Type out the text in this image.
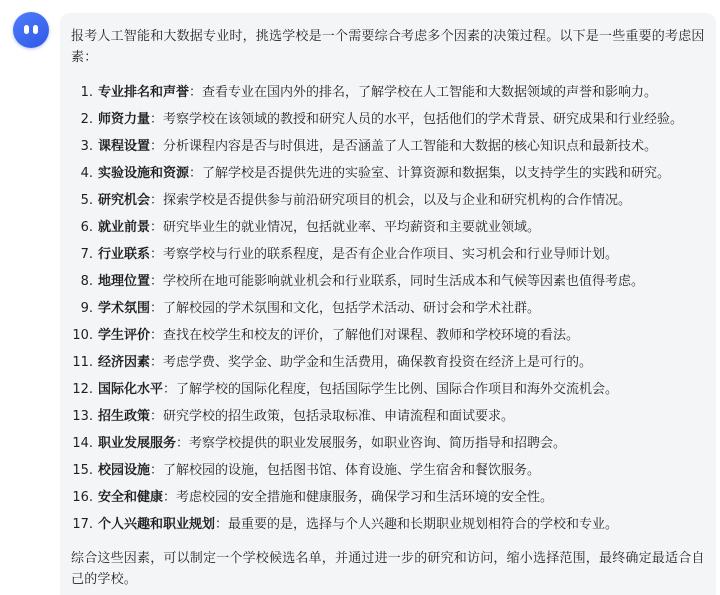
报考人工智能和大数据专业时，挑选学校是一个需要综合考虑多个因素的决策过程。以下是一些重要的考虑因素：

1. 专业排名和声誉：查看专业在国内外的排名，了解学校在人工智能和大数据领域的声誉和影响力。
2. 师资力量：考察学校在该领域的教授和研究人员的水平，包括他们的学术背景、研究成果和行业经验。
3. 课程设置：分析课程内容是否与时俱进，是否涵盖了人工智能和大数据的核心知识点和最新技术。
4. 实验设施和资源：了解学校是否提供先进的实验室、计算资源和数据集，以支持学生的实践和研究。
5. 研究机会：探索学校是否提供参与前沿研究项目的机会，以及与企业和研究机构的合作情况。
6. 就业前景：研究毕业生的就业情况，包括就业率、平均薪资和主要就业领域。
7. 行业联系：考察学校与行业的联系程度，是否有企业合作项目、实习机会和行业导师计划。
8. 地理位置：学校所在地可能影响就业机会和行业联系，同时生活成本和气候等因素也值得考虑。
9. 学术氛围：了解校园的学术氛围和文化，包括学术活动、研讨会和学术社群。
10. 学生评价：查找在校学生和校友的评价，了解他们对课程、教师和学校环境的看法。
11. 经济因素：考虑学费、奖学金、助学金和生活费用，确保教育投资在经济上是可行的。
12. 国际化水平：了解学校的国际化程度，包括国际学生比例、国际合作项目和海外交流机会。
13. 招生政策：研究学校的招生政策，包括录取标准、申请流程和面试要求。
14. 职业发展服务：考察学校提供的职业发展服务，如职业咨询、简历指导和招聘会。
15. 校园设施：了解校园的设施，包括图书馆、体育设施、学生宿舍和餐饮服务。
16. 安全和健康：考虑校园的安全措施和健康服务，确保学习和生活环境的安全性。
17. 个人兴趣和职业规划：最重要的是，选择与个人兴趣和长期职业规划相符合的学校和专业。

综合这些因素，可以制定一个学校候选名单，并通过进一步的研究和访问，缩小选择范围，最终确定最适合自己的学校。
